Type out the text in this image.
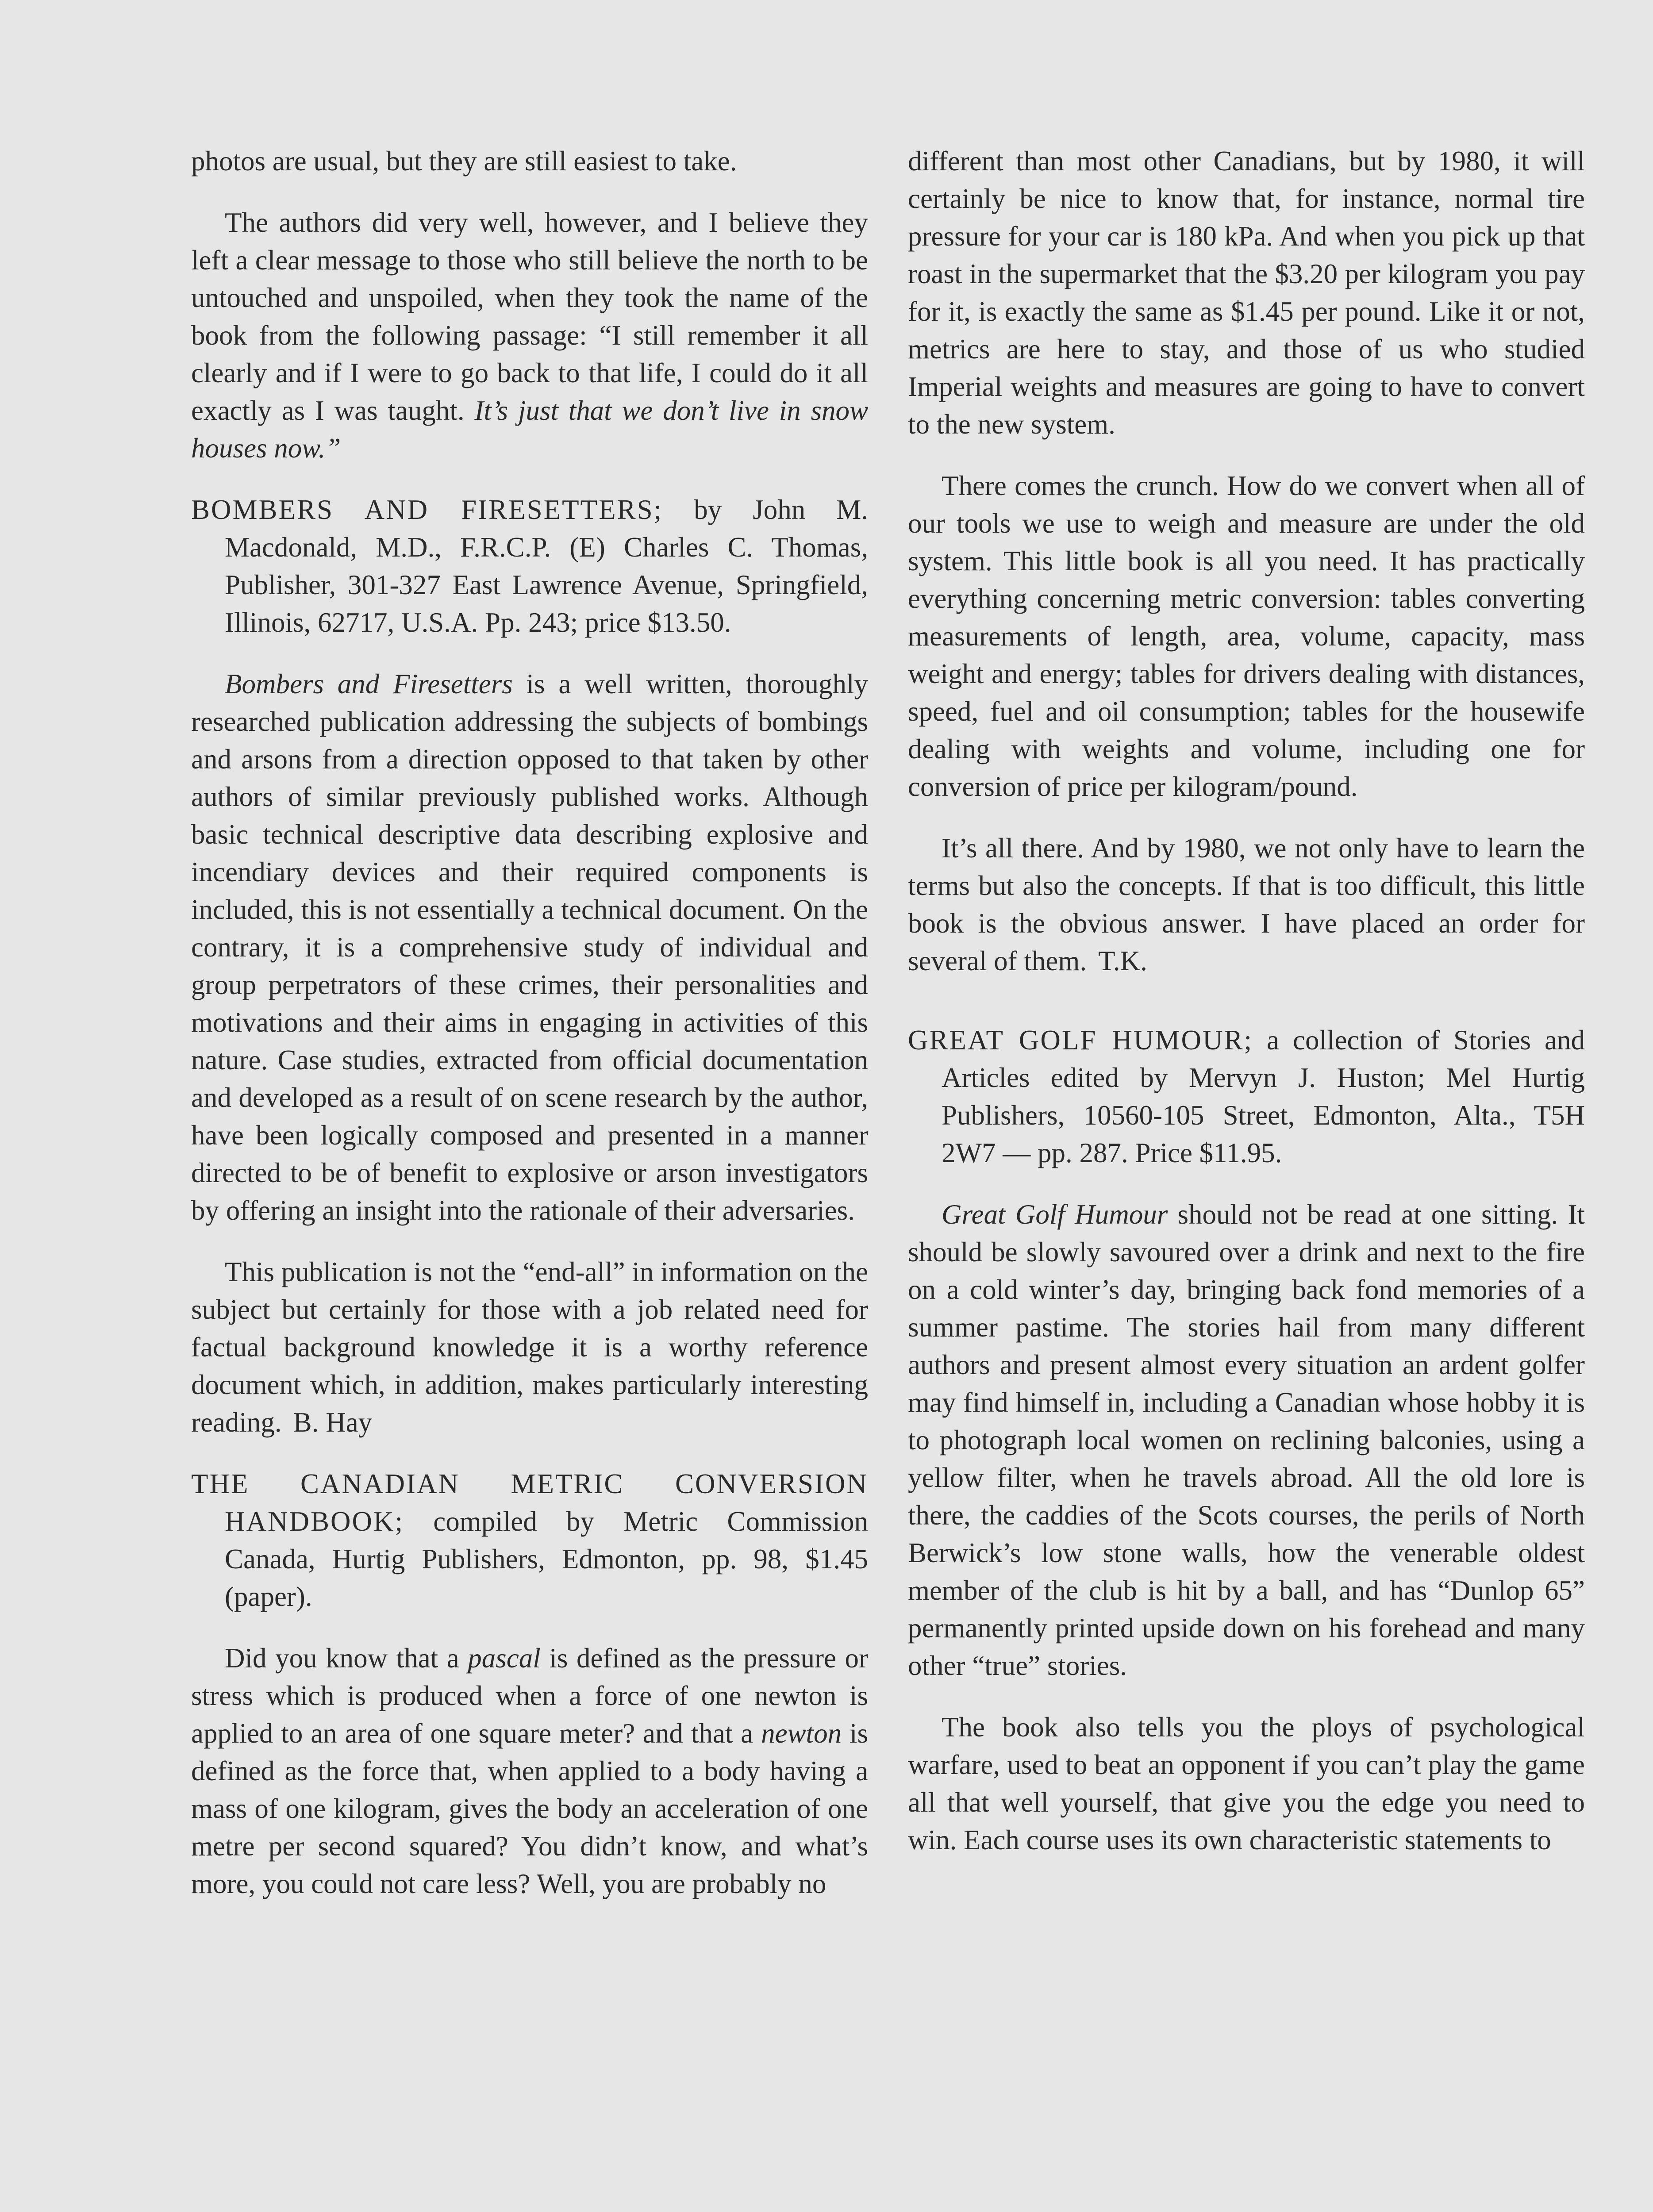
photos are usual, but they are still easiest to take.

The authors did very well, however, and I believe they left a clear message to those who still believe the north to be untouched and unspoiled, when they took the name of the book from the following passage: “I still remember it all clearly and if I were to go back to that life, I could do it all exactly as I was taught. It’s just that we don’t live in snow houses now.”

BOMBERS AND FIRESETTERS; by John M. Macdonald, M.D., F.R.C.P. (E) Charles C. Thomas, Publisher, 301-327 East Lawrence Avenue, Springfield, Illinois, 62717, U.S.A. Pp. 243; price $13.50.

Bombers and Firesetters is a well written, thoroughly researched publication addressing the subjects of bombings and arsons from a direction opposed to that taken by other authors of similar previously published works. Although basic technical descriptive data describing explosive and incendiary devices and their required components is included, this is not essentially a technical document. On the contrary, it is a comprehensive study of individual and group perpetrators of these crimes, their personalities and motivations and their aims in engaging in activities of this nature. Case studies, extracted from official documentation and developed as a result of on scene research by the author, have been logically composed and presented in a manner directed to be of benefit to explosive or arson investigators by offering an insight into the rationale of their adversaries.

This publication is not the “end-all” in information on the subject but certainly for those with a job related need for factual background knowledge it is a worthy reference document which, in addition, makes particularly interesting reading. B. Hay

THE CANADIAN METRIC CONVERSION HANDBOOK; compiled by Metric Commission Canada, Hurtig Publishers, Edmonton, pp. 98, $1.45 (paper).

Did you know that a pascal is defined as the pressure or stress which is produced when a force of one newton is applied to an area of one square meter? and that a newton is defined as the force that, when applied to a body having a mass of one kilogram, gives the body an acceleration of one metre per second squared? You didn’t know, and what’s more, you could not care less? Well, you are probably no

different than most other Canadians, but by 1980, it will certainly be nice to know that, for instance, normal tire pressure for your car is 180 kPa. And when you pick up that roast in the supermarket that the $3.20 per kilogram you pay for it, is exactly the same as $1.45 per pound. Like it or not, metrics are here to stay, and those of us who studied Imperial weights and measures are going to have to convert to the new system.

There comes the crunch. How do we convert when all of our tools we use to weigh and measure are under the old system. This little book is all you need. It has practically everything concerning metric conversion: tables converting measurements of length, area, volume, capacity, mass weight and energy; tables for drivers dealing with distances, speed, fuel and oil consumption; tables for the housewife dealing with weights and volume, including one for conversion of price per kilogram/pound.

It’s all there. And by 1980, we not only have to learn the terms but also the concepts. If that is too difficult, this little book is the obvious answer. I have placed an order for several of them. T.K.

GREAT GOLF HUMOUR; a collection of Stories and Articles edited by Mervyn J. Huston; Mel Hurtig Publishers, 10560-105 Street, Edmonton, Alta., T5H 2W7 — pp. 287. Price $11.95.

Great Golf Humour should not be read at one sitting. It should be slowly savoured over a drink and next to the fire on a cold winter’s day, bringing back fond memories of a summer pastime. The stories hail from many different authors and present almost every situation an ardent golfer may find himself in, including a Canadian whose hobby it is to photograph local women on reclining balconies, using a yellow filter, when he travels abroad. All the old lore is there, the caddies of the Scots courses, the perils of North Berwick’s low stone walls, how the venerable oldest member of the club is hit by a ball, and has “Dunlop 65” permanently printed upside down on his forehead and many other “true” stories.

The book also tells you the ploys of psychological warfare, used to beat an opponent if you can’t play the game all that well yourself, that give you the edge you need to win. Each course uses its own characteristic statements to
